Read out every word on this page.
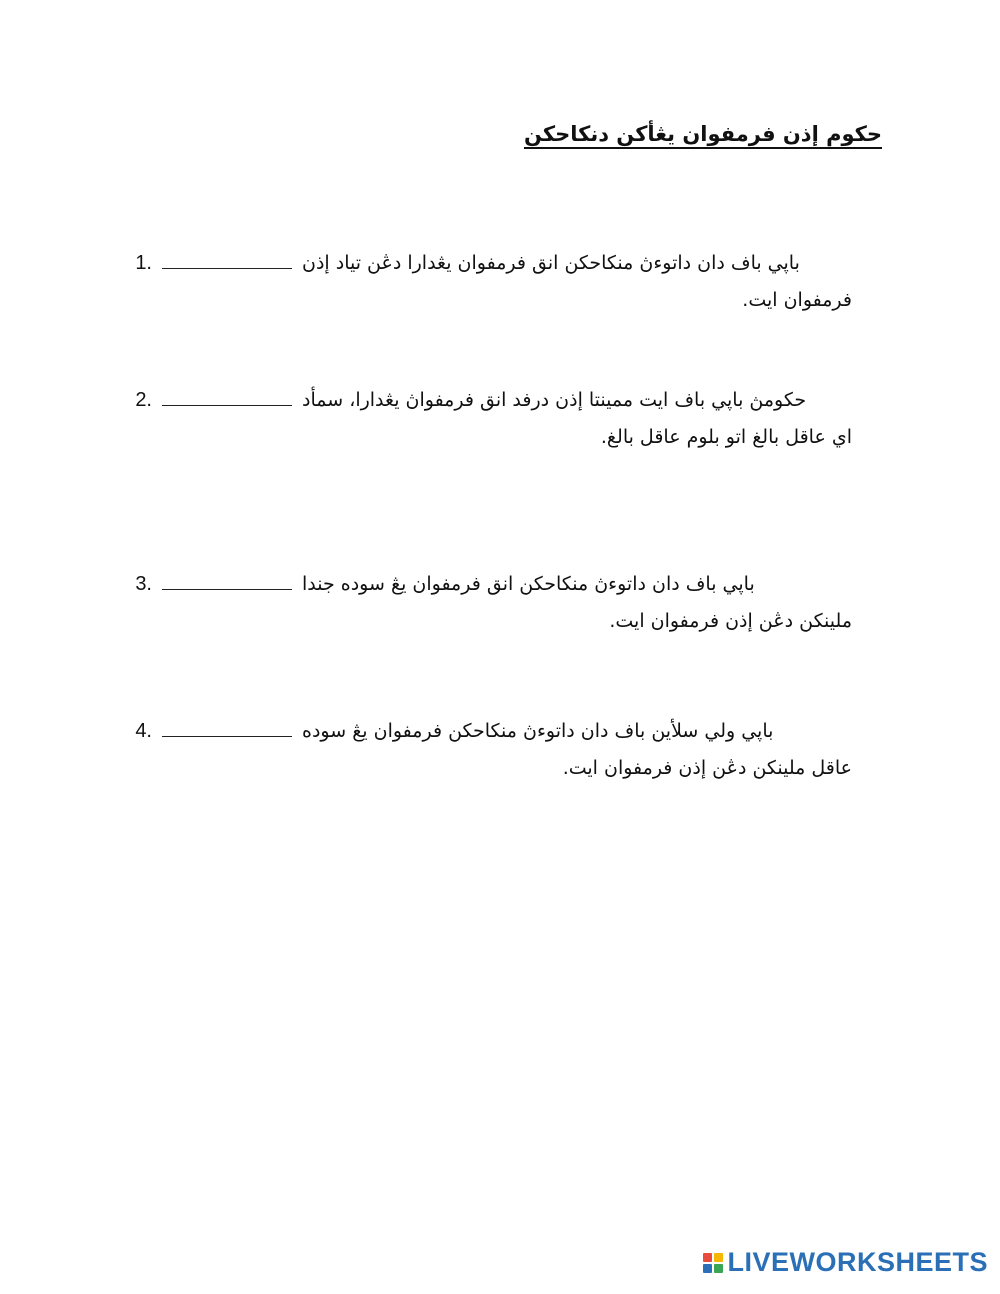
حكوم إذن فرمفوان يڠأكن دنكاحكن
1.	باڽي باف دان داتوءڽ منكاحكن انق فرمفوان يڠدارا دڠن تياد إذن
فرمفوان ايت.
2.	حكومڽ باڽي باف ايت ممينتا إذن درفد انق فرمفواڽ يڠدارا، سمأد
اي عاقل بالغ اتو بلوم عاقل بالغ.
3.	باڽي باف دان داتوءڽ منكاحكن انق فرمفوان يڠ سوده جندا
ملينكن دڠن إذن فرمفوان ايت.
4.	باڽي ولي سلأين باف دان داتوءڽ منكاحكن فرمفوان يڠ سوده
عاقل ملينكن دڠن إذن فرمفوان ايت.
LIVEWORKSHEETS
